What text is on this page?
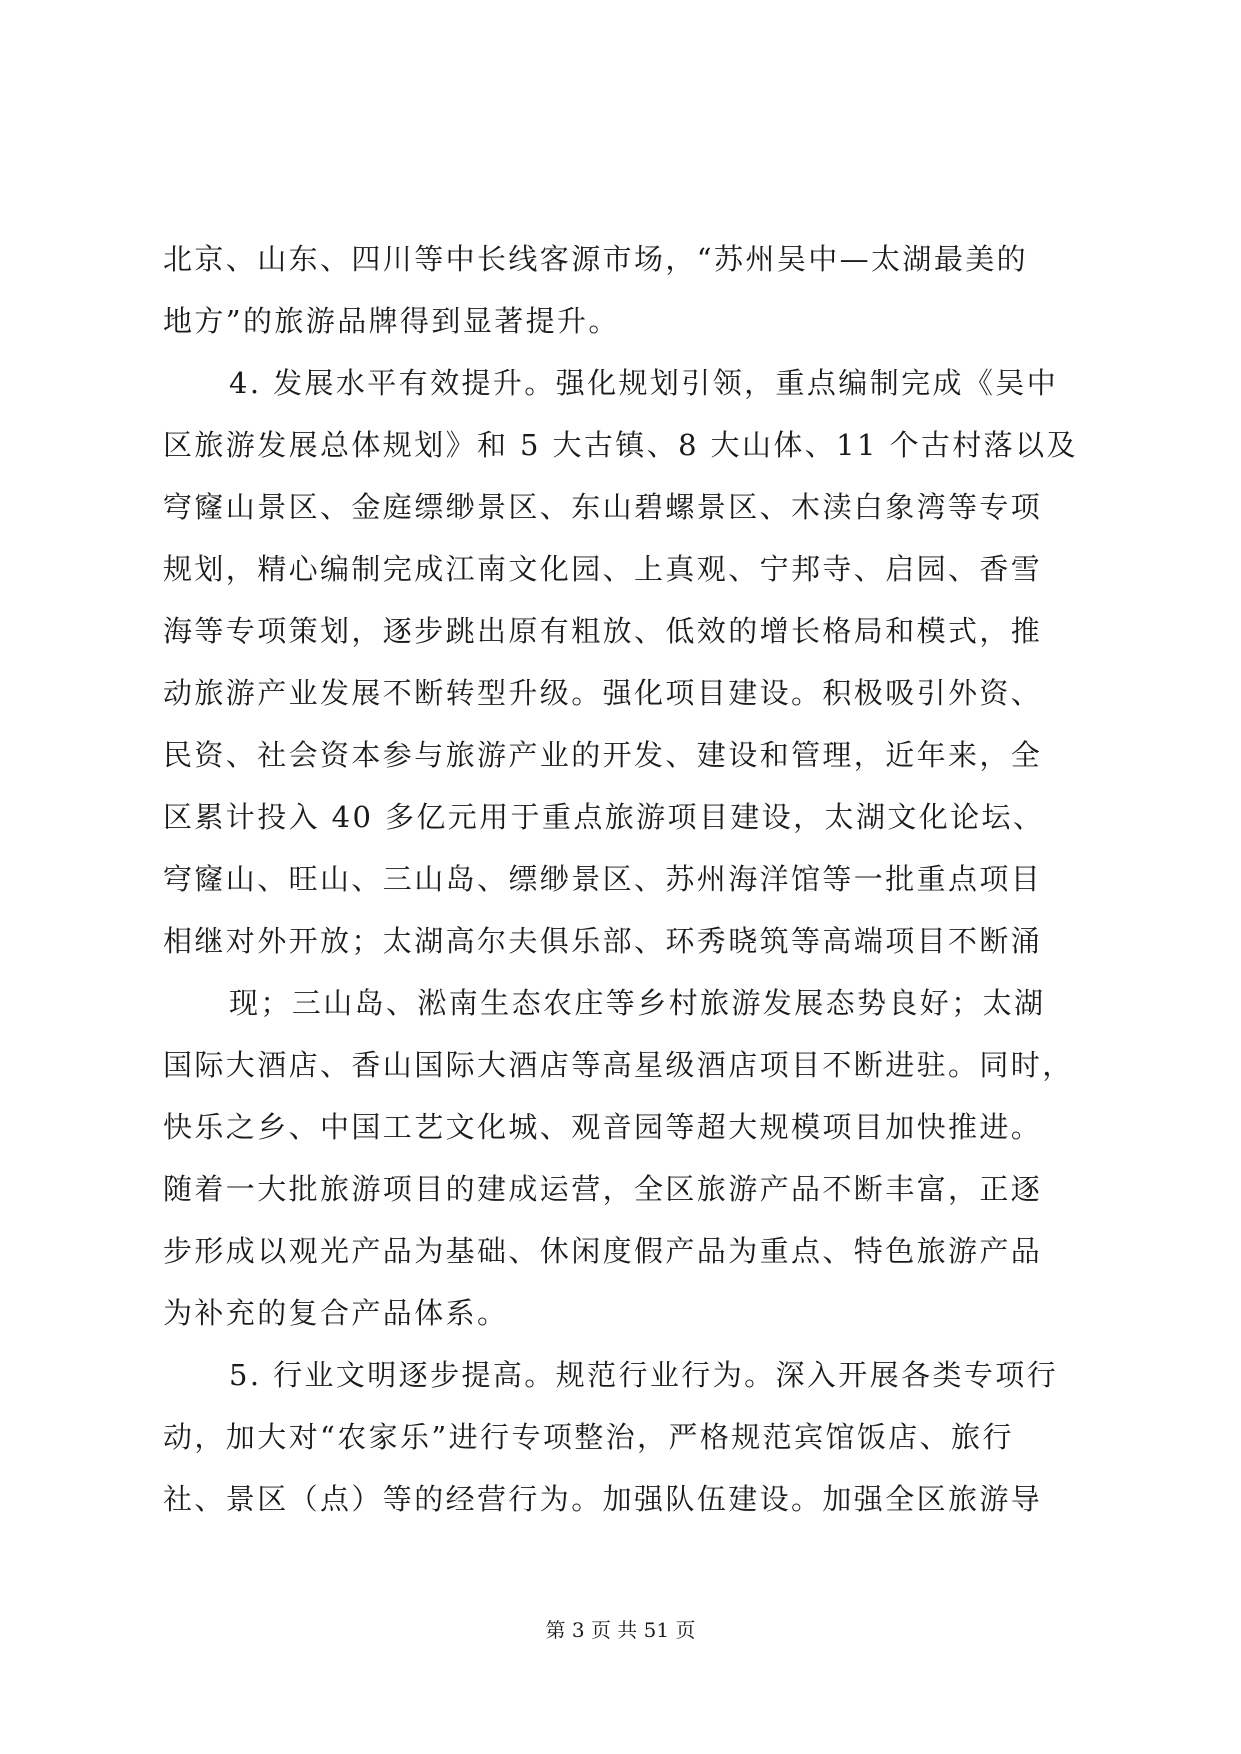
北京、山东、四川等中长线客源市场，“苏州吴中—太湖最美的
地方”的旅游品牌得到显著提升。
4. 发展水平有效提升。强化规划引领，重点编制完成《吴中
区旅游发展总体规划》和 5 大古镇、8 大山体、11 个古村落以及
穹窿山景区、金庭缥缈景区、东山碧螺景区、木渎白象湾等专项
规划，精心编制完成江南文化园、上真观、宁邦寺、启园、香雪
海等专项策划，逐步跳出原有粗放、低效的增长格局和模式，推
动旅游产业发展不断转型升级。强化项目建设。积极吸引外资、
民资、社会资本参与旅游产业的开发、建设和管理，近年来，全
区累计投入 40 多亿元用于重点旅游项目建设，太湖文化论坛、
穹窿山、旺山、三山岛、缥缈景区、苏州海洋馆等一批重点项目
相继对外开放；太湖高尔夫俱乐部、环秀晓筑等高端项目不断涌
现；三山岛、淞南生态农庄等乡村旅游发展态势良好；太湖
国际大酒店、香山国际大酒店等高星级酒店项目不断进驻。同时，
快乐之乡、中国工艺文化城、观音园等超大规模项目加快推进。
随着一大批旅游项目的建成运营，全区旅游产品不断丰富，正逐
步形成以观光产品为基础、休闲度假产品为重点、特色旅游产品
为补充的复合产品体系。
5. 行业文明逐步提高。规范行业行为。深入开展各类专项行
动，加大对“农家乐”进行专项整治，严格规范宾馆饭店、旅行
社、景区（点）等的经营行为。加强队伍建设。加强全区旅游导
第 3 页 共 51 页
